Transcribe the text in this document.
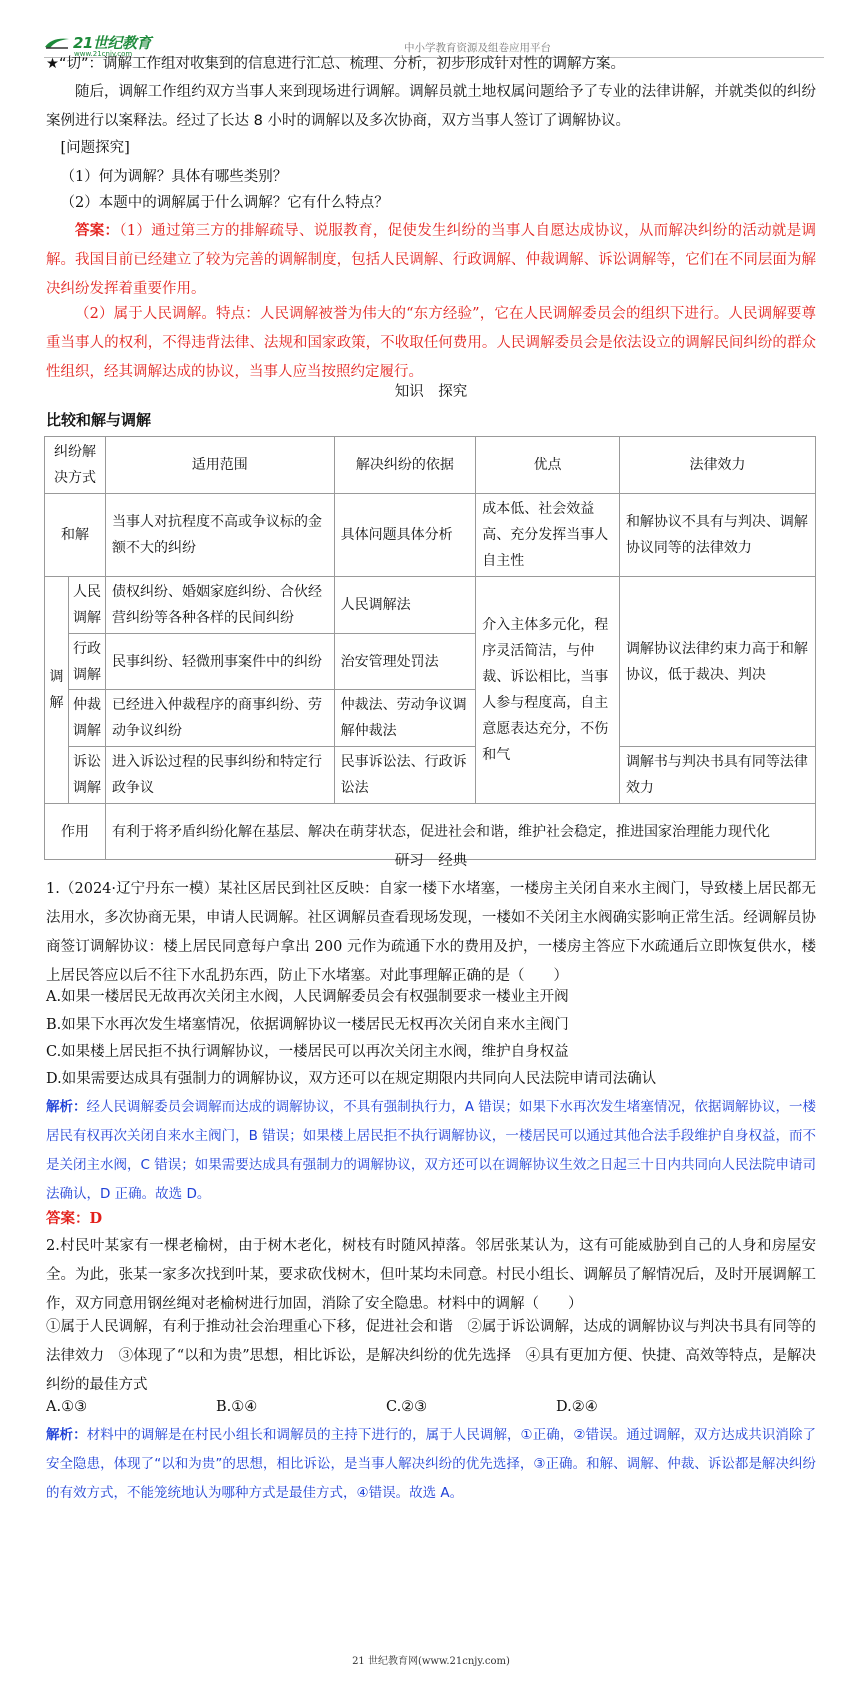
21世纪教育
www.21cnjy.com	中小学教育资源及组卷应用平台
★“切”：调解工作组对收集到的信息进行汇总、梳理、分析，初步形成针对性的调解方案。
随后，调解工作组约双方当事人来到现场进行调解。调解员就土地权属问题给予了专业的法律讲解，并就类似的纠纷案例进行以案释法。经过了长达 8 小时的调解以及多次协商，双方当事人签订了调解协议。
[问题探究]
（1）何为调解？具体有哪些类别？
（2）本题中的调解属于什么调解？它有什么特点？
答案：（1）通过第三方的排解疏导、说服教育，促使发生纠纷的当事人自愿达成协议，从而解决纠纷的活动就是调解。我国目前已经建立了较为完善的调解制度，包括人民调解、行政调解、仲裁调解、诉讼调解等，它们在不同层面为解决纠纷发挥着重要作用。
（2）属于人民调解。特点：人民调解被誉为伟大的“东方经验”，它在人民调解委员会的组织下进行。人民调解要尊重当事人的权利，不得违背法律、法规和国家政策，不收取任何费用。人民调解委员会是依法设立的调解民间纠纷的群众性组织，经其调解达成的协议，当事人应当按照约定履行。
知识　探究
比较和解与调解
纠纷解决方式		适用范围	解决纠纷的依据	优点	法律效力
和解		当事人对抗程度不高或争议标的金额不大的纠纷	具体问题具体分析	成本低、社会效益高、充分发挥当事人自主性	和解协议不具有与判决、调解协议同等的法律效力
调解	人民调解	债权纠纷、婚姻家庭纠纷、合伙经营纠纷等各种各样的民间纠纷	人民调解法	介入主体多元化，程序灵活简洁，与仲裁、诉讼相比，当事人参与程度高，自主意愿表达充分，不伤和气	调解协议法律约束力高于和解协议，低于裁决、判决
	行政调解	民事纠纷、轻微刑事案件中的纠纷	治安管理处罚法		
	仲裁调解	已经进入仲裁程序的商事纠纷、劳动争议纠纷	仲裁法、劳动争议调解仲裁法		
	诉讼调解	进入诉讼过程的民事纠纷和特定行政争议	民事诉讼法、行政诉讼法		调解书与判决书具有同等法律效力
作用		有利于将矛盾纠纷化解在基层、解决在萌芽状态，促进社会和谐，维护社会稳定，推进国家治理能力现代化			
研习　经典
1.（2024·辽宁丹东一模）某社区居民到社区反映：自家一楼下水堵塞，一楼房主关闭自来水主阀门，导致楼上居民都无法用水，多次协商无果，申请人民调解。社区调解员查看现场发现，一楼如不关闭主水阀确实影响正常生活。经调解员协商签订调解协议：楼上居民同意每户拿出 200 元作为疏通下水的费用及护，一楼房主答应下水疏通后立即恢复供水，楼上居民答应以后不往下水乱扔东西，防止下水堵塞。对此事理解正确的是（　　）
A.如果一楼居民无故再次关闭主水阀，人民调解委员会有权强制要求一楼业主开阀
B.如果下水再次发生堵塞情况，依据调解协议一楼居民无权再次关闭自来水主阀门
C.如果楼上居民拒不执行调解协议，一楼居民可以再次关闭主水阀，维护自身权益
D.如果需要达成具有强制力的调解协议，双方还可以在规定期限内共同向人民法院申请司法确认
解析：经人民调解委员会调解而达成的调解协议，不具有强制执行力，A 错误；如果下水再次发生堵塞情况，依据调解协议，一楼居民有权再次关闭自来水主阀门，B 错误；如果楼上居民拒不执行调解协议，一楼居民可以通过其他合法手段维护自身权益，而不是关闭主水阀，C 错误；如果需要达成具有强制力的调解协议，双方还可以在调解协议生效之日起三十日内共同向人民法院申请司法确认，D 正确。故选 D。
答案：D
2.村民叶某家有一棵老榆树，由于树木老化，树枝有时随风掉落。邻居张某认为，这有可能威胁到自己的人身和房屋安全。为此，张某一家多次找到叶某，要求砍伐树木，但叶某均未同意。村民小组长、调解员了解情况后，及时开展调解工作，双方同意用钢丝绳对老榆树进行加固，消除了安全隐患。材料中的调解（　　）
①属于人民调解，有利于推动社会治理重心下移，促进社会和谐　②属于诉讼调解，达成的调解协议与判决书具有同等的法律效力　③体现了“以和为贵”思想，相比诉讼，是解决纠纷的优先选择　④具有更加方便、快捷、高效等特点，是解决纠纷的最佳方式
A.①③	B.①④	C.②③	D.②④
解析：材料中的调解是在村民小组长和调解员的主持下进行的，属于人民调解，①正确，②错误。通过调解，双方达成共识消除了安全隐患，体现了“以和为贵”的思想，相比诉讼，是当事人解决纠纷的优先选择，③正确。和解、调解、仲裁、诉讼都是解决纠纷的有效方式，不能笼统地认为哪种方式是最佳方式，④错误。故选 A。
21 世纪教育网(www.21cnjy.com)
